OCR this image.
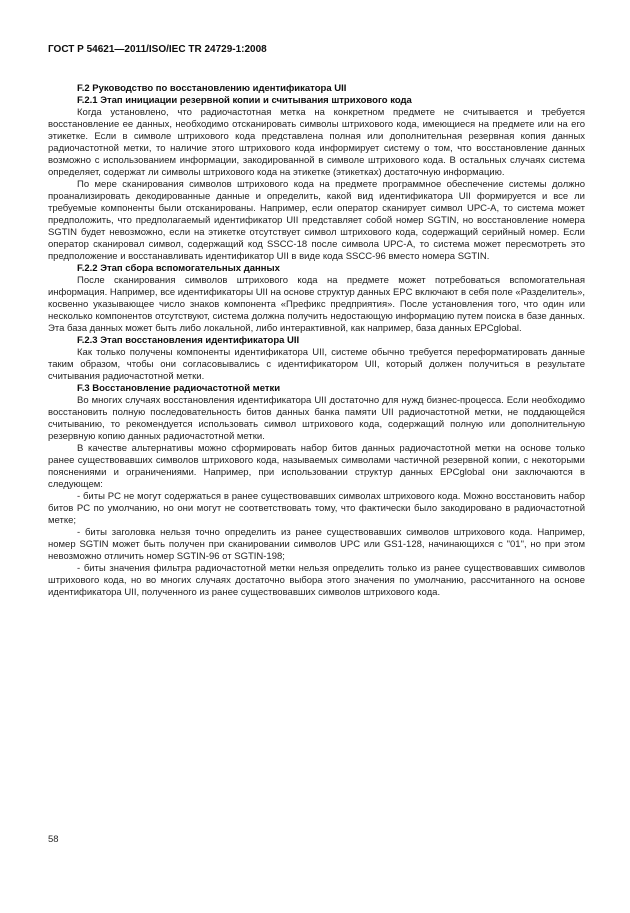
ГОСТ Р 54621—2011/ISO/IEC TR 24729-1:2008

F.2 Руководство по восстановлению идентификатора UII

F.2.1 Этап инициации резервной копии и считывания штрихового кода

Когда установлено, что радиочастотная метка на конкретном предмете не считывается и требуется восстановление ее данных, необходимо отсканировать символы штрихового кода, имеющиеся на предмете или на его этикетке. Если в символе штрихового кода представлена полная или дополнительная резервная копия данных радиочастотной метки, то наличие этого штрихового кода информирует систему о том, что восстановление данных возможно с использованием информации, закодированной в символе штрихового кода. В остальных случаях система определяет, содержат ли символы штрихового кода на этикетке (этикетках) достаточную информацию.

По мере сканирования символов штрихового кода на предмете программное обеспечение системы должно проанализировать декодированные данные и определить, какой вид идентификатора UII формируется и все ли требуемые компоненты были отсканированы. Например, если оператор сканирует символ UPC-A, то система может предположить, что предполагаемый идентификатор UII представляет собой номер SGTIN, но восстановление номера SGTIN будет невозможно, если на этикетке отсутствует символ штрихового кода, содержащий серийный номер. Если оператор сканировал символ, содержащий код SSCC-18 после символа UPC-A, то система может пересмотреть это предположение и восстанавливать идентификатор UII в виде кода SSCC-96 вместо номера SGTIN.

F.2.2 Этап сбора вспомогательных данных

После сканирования символов штрихового кода на предмете может потребоваться вспомогательная информация. Например, все идентификаторы UII на основе структур данных EPC включают в себя поле «Разделитель», косвенно указывающее число знаков компонента «Префикс предприятия». После установления того, что один или несколько компонентов отсутствуют, система должна получить недостающую информацию путем поиска в базе данных. Эта база данных может быть либо локальной, либо интерактивной, как например, база данных EPCglobal.

F.2.3 Этап восстановления идентификатора UII

Как только получены компоненты идентификатора UII, системе обычно требуется переформатировать данные таким образом, чтобы они согласовывались с идентификатором UII, который должен получиться в результате считывания радиочастотной метки.

F.3 Восстановление радиочастотной метки

Во многих случаях восстановления идентификатора UII достаточно для нужд бизнес-процесса. Если необходимо восстановить полную последовательность битов данных банка памяти UII радиочастотной метки, не поддающейся считыванию, то рекомендуется использовать символ штрихового кода, содержащий полную или дополнительную резервную копию данных радиочастотной метки.

В качестве альтернативы можно сформировать набор битов данных радиочастотной метки на основе только ранее существовавших символов штрихового кода, называемых символами частичной резервной копии, с некоторыми пояснениями и ограничениями. Например, при использовании структур данных EPCglobal они заключаются в следующем:

- биты PC не могут содержаться в ранее существовавших символах штрихового кода. Можно восстановить набор битов PC по умолчанию, но они могут не соответствовать тому, что фактически было закодировано в радиочастотной метке;

- биты заголовка нельзя точно определить из ранее существовавших символов штрихового кода. Например, номер SGTIN может быть получен при сканировании символов UPC или GS1-128, начинающихся с "01", но при этом невозможно отличить номер SGTIN-96 от SGTIN-198;

- биты значения фильтра радиочастотной метки нельзя определить только из ранее существовавших символов штрихового кода, но во многих случаях достаточно выбора этого значения по умолчанию, рассчитанного на основе идентификатора UII, полученного из ранее существовавших символов штрихового кода.

58
